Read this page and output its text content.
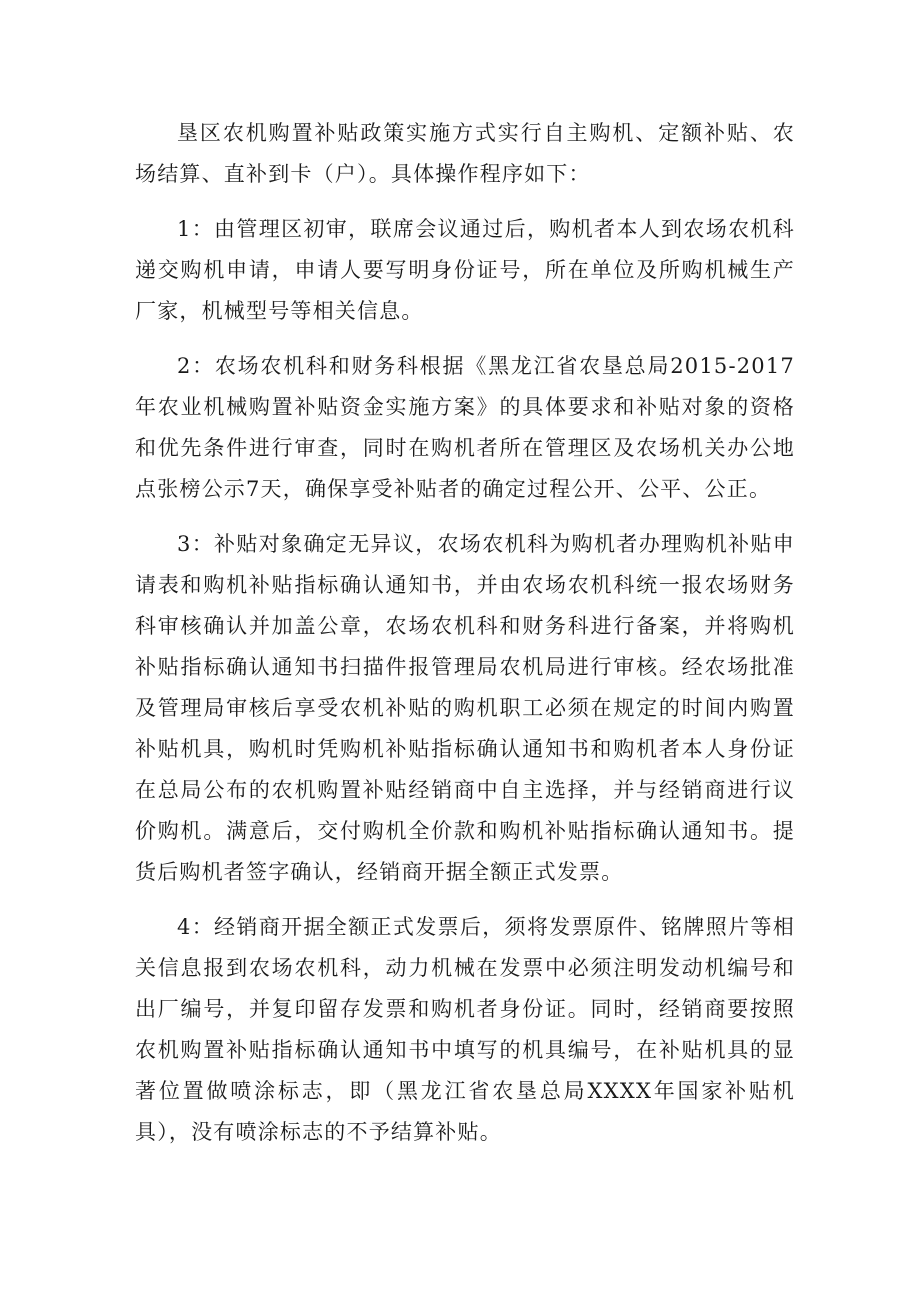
垦区农机购置补贴政策实施方式实行自主购机、定额补贴、农场结算、直补到卡（户）。具体操作程序如下：

1：由管理区初审，联席会议通过后，购机者本人到农场农机科递交购机申请，申请人要写明身份证号，所在单位及所购机械生产厂家，机械型号等相关信息。

2：农场农机科和财务科根据《黑龙江省农垦总局2015-2017年农业机械购置补贴资金实施方案》的具体要求和补贴对象的资格和优先条件进行审查，同时在购机者所在管理区及农场机关办公地点张榜公示7天，确保享受补贴者的确定过程公开、公平、公正。

3：补贴对象确定无异议，农场农机科为购机者办理购机补贴申请表和购机补贴指标确认通知书，并由农场农机科统一报农场财务科审核确认并加盖公章，农场农机科和财务科进行备案，并将购机补贴指标确认通知书扫描件报管理局农机局进行审核。经农场批准及管理局审核后享受农机补贴的购机职工必须在规定的时间内购置补贴机具，购机时凭购机补贴指标确认通知书和购机者本人身份证在总局公布的农机购置补贴经销商中自主选择，并与经销商进行议价购机。满意后，交付购机全价款和购机补贴指标确认通知书。提货后购机者签字确认，经销商开据全额正式发票。

4：经销商开据全额正式发票后，须将发票原件、铭牌照片等相关信息报到农场农机科，动力机械在发票中必须注明发动机编号和出厂编号，并复印留存发票和购机者身份证。同时，经销商要按照农机购置补贴指标确认通知书中填写的机具编号，在补贴机具的显著位置做喷涂标志，即（黑龙江省农垦总局XXXX年国家补贴机具），没有喷涂标志的不予结算补贴。
